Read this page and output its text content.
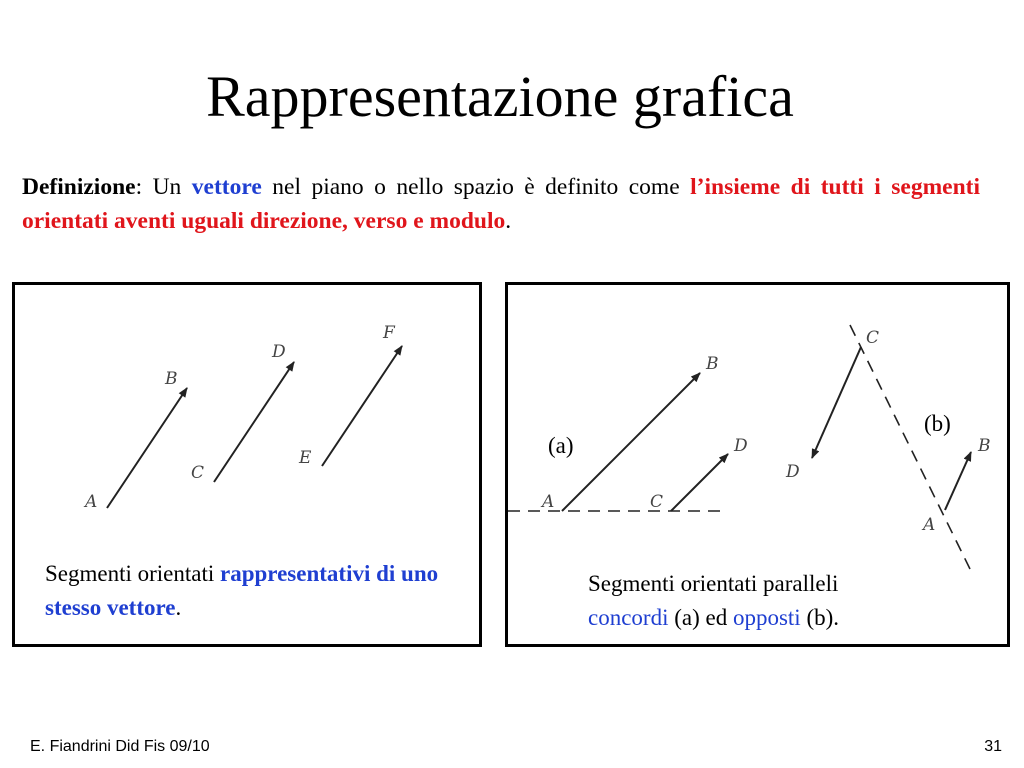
Rappresentazione grafica

Definizione: Un vettore nel piano o nello spazio è definito come l’insieme di tutti i segmenti orientati aventi uguali direzione, verso e modulo.

A
B
C
D
E
F

Segmenti orientati rappresentativi di uno stesso vettore.

A
B
C
D
(a)
C
D
A
B
(b)

Segmenti orientati paralleli
concordi (a) ed opposti (b).

E. Fiandrini Did Fis 09/10	31
